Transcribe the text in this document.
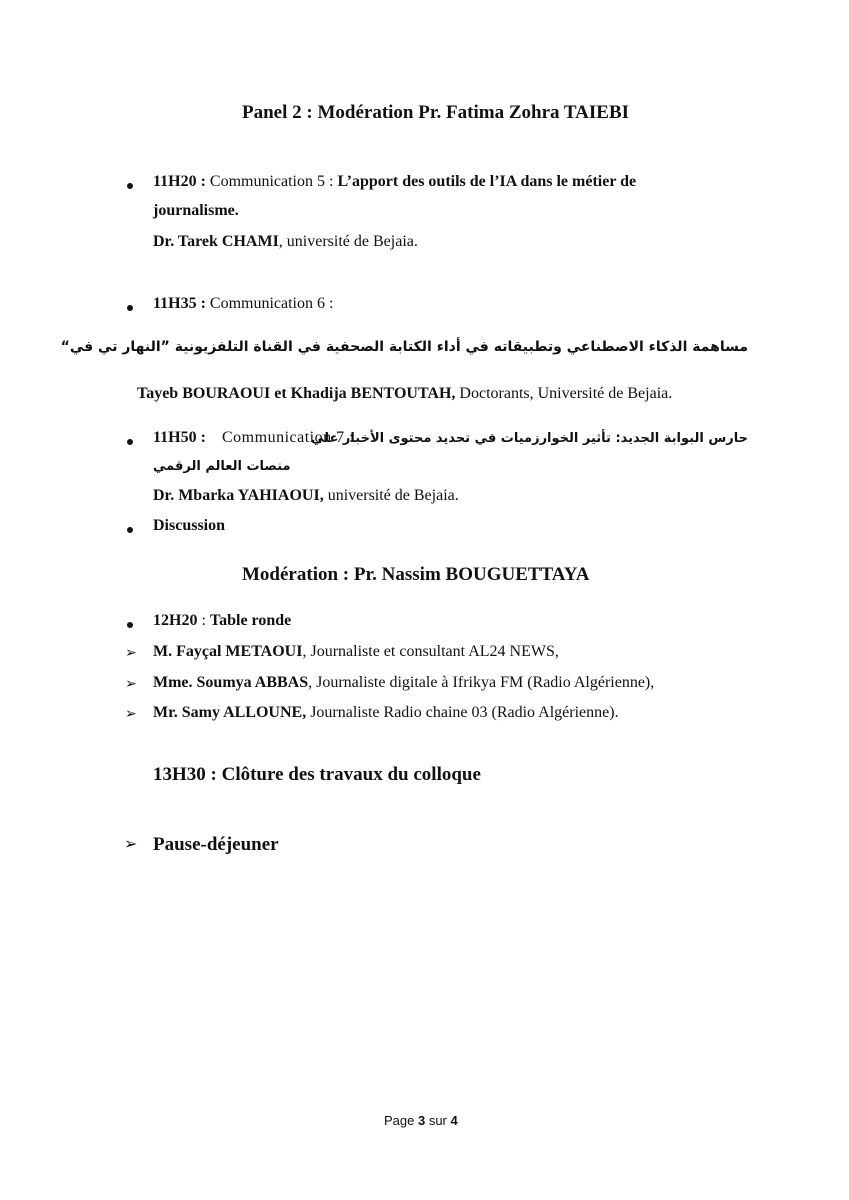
Panel 2 : Modération Pr. Fatima Zohra TAIEBI
11H20 : Communication 5 : L’apport des outils de l’IA dans le métier de
journalisme.
Dr. Tarek CHAMI, université de Bejaia.
11H35 : Communication 6 :
مساهمة الذكاء الاصطناعي وتطبيقاته في أداء الكتابة الصحفية في القناة التلفزيونية ”النهار تي في“
Tayeb BOURAOUI et Khadija BENTOUTAH, Doctorants, Université de Bejaia.
11H50 : Communication 7 :
حارس البوابة الجديد: تأثير الخوارزميات في تحديد محتوى الأخبار علي
منصات العالم الرقمي
Dr. Mbarka YAHIAOUI, université de Bejaia.
Discussion
Modération : Pr. Nassim BOUGUETTAYA
12H20 : Table ronde
➢ M. Fayçal METAOUI, Journaliste et consultant AL24 NEWS,
➢ Mme. Soumya ABBAS, Journaliste digitale à Ifrikya FM (Radio Algérienne),
➢ Mr. Samy ALLOUNE, Journaliste Radio chaine 03 (Radio Algérienne).
13H30 : Clôture des travaux du colloque
➢ Pause-déjeuner
Page 3 sur 4
